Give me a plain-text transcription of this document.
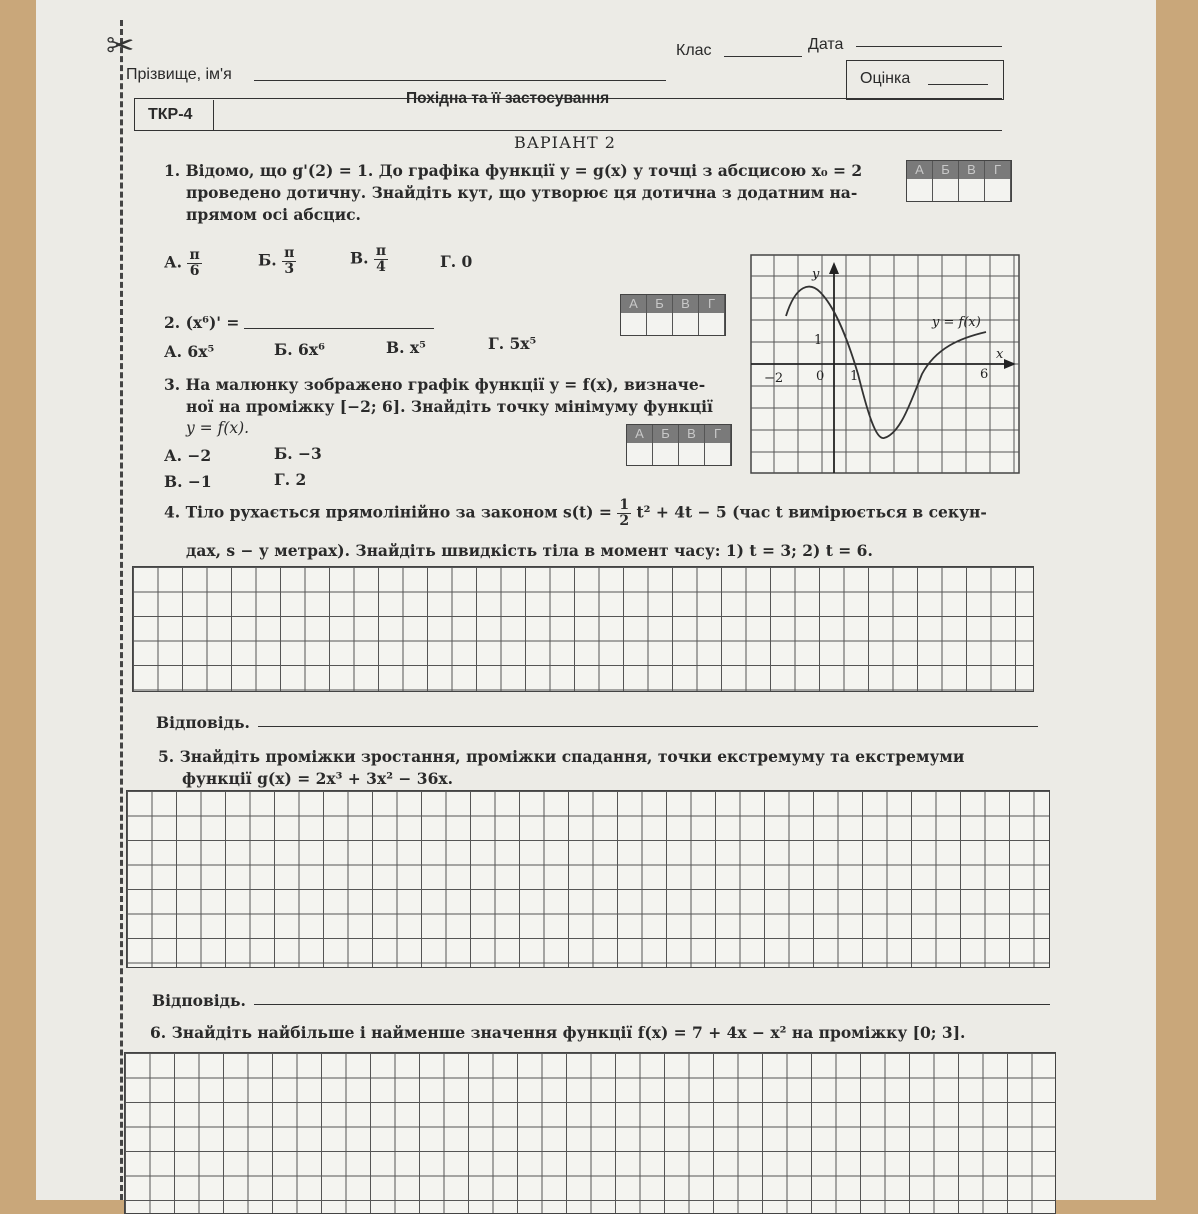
✂
Прізвище, ім'я
Клас	Дата
Оцінка
ТКР-4
Похідна та її застосування
ВАРІАНТ 2
1. Відомо, що g'(2) = 1. До графіка функції y = g(x) у точці з абсцисою x₀ = 2
проведено дотичну. Знайдіть кут, що утворює ця дотична з додатним на-
прямом осі абсцис.
А. $\frac{\pi}{6}$	Б. $\frac{\pi}{3}$	В. $\frac{\pi}{4}$	Г. 0
А	Б	В	Г
2. (x⁶)' =
А. 6x⁵	Б. 6x⁶	В. x⁵	Г. 5x⁵
А	Б	В	Г
3. На малюнку зображено графік функції y = f(x), визначе-
ної на проміжку [−2; 6]. Знайдіть точку мінімуму функції
y = f(x).
А. −2	Б. −3
В. −1	Г. 2
А	Б	В	Г
y
x
y = f(x)
1
−2	0 1	6
4. Тіло рухається прямолінійно за законом $s(t) = \frac{1}{2} t^2 + 4t - 5$ (час t вимірюється в секун-
дах, s − у метрах). Знайдіть швидкість тіла в момент часу: 1) t = 3; 2) t = 6.
Відповідь.
5. Знайдіть проміжки зростання, проміжки спадання, точки екстремуму та екстремуми
функції g(x) = 2x³ + 3x² − 36x.
Відповідь.
6. Знайдіть найбільше і найменше значення функції f(x) = 7 + 4x − x² на проміжку [0; 3].
